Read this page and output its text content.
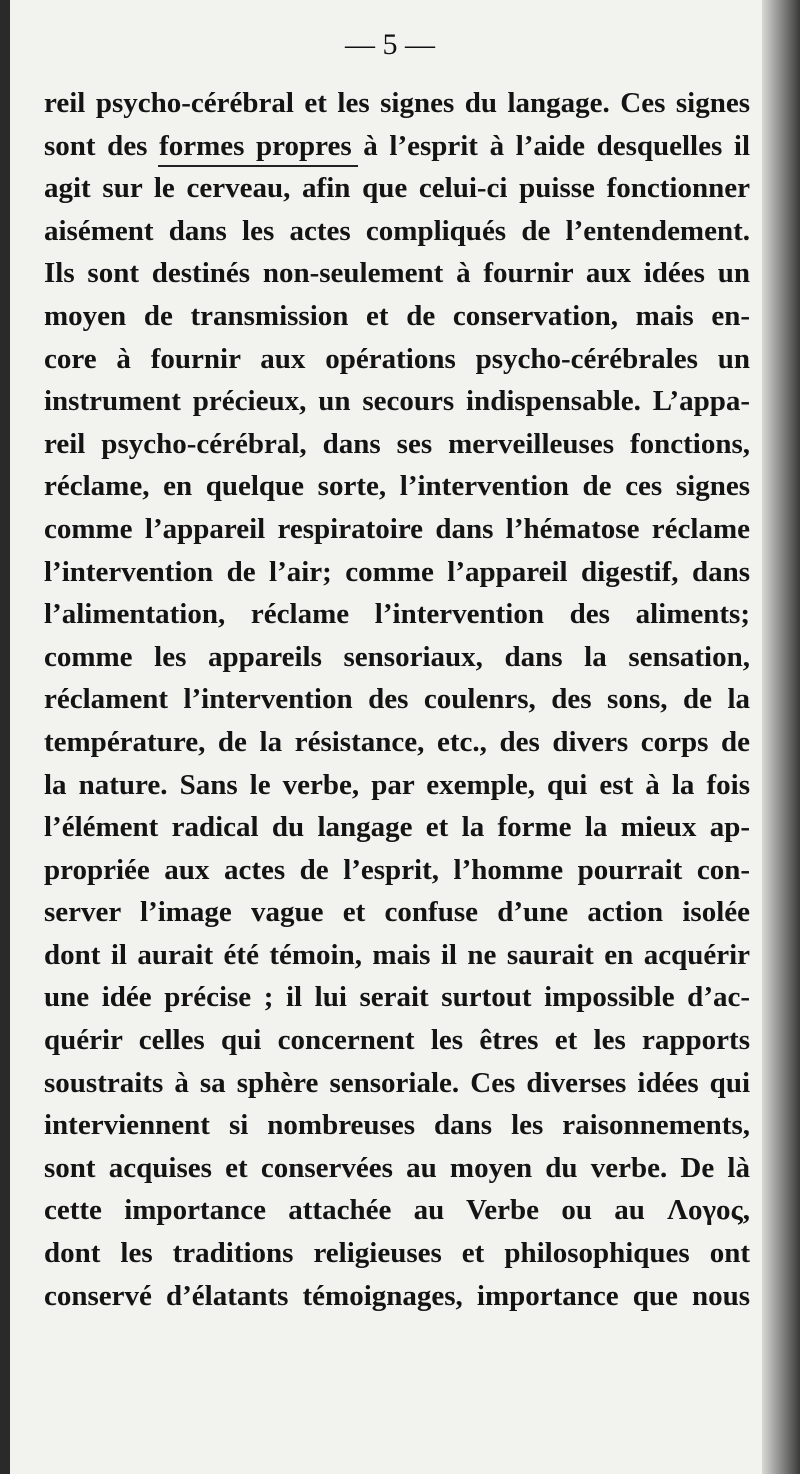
— 5 —
reil psycho-cérébral et les signes du langage. Ces signes
sont des formes propres à l’esprit à l’aide desquelles il
agit sur le cerveau, afin que celui-ci puisse fonctionner
aisément dans les actes compliqués de l’entendement.
Ils sont destinés non-seulement à fournir aux idées un
moyen de transmission et de conservation, mais en-
core à fournir aux opérations psycho-cérébrales un
instrument précieux, un secours indispensable. L’appa-
reil psycho-cérébral, dans ses merveilleuses fonctions,
réclame, en quelque sorte, l’intervention de ces signes
comme l’appareil respiratoire dans l’hématose réclame
l’intervention de l’air; comme l’appareil digestif, dans
l’alimentation, réclame l’intervention des aliments;
comme les appareils sensoriaux, dans la sensation,
réclament l’intervention des coulenrs, des sons, de la
température, de la résistance, etc., des divers corps de
la nature. Sans le verbe, par exemple, qui est à la fois
l’élément radical du langage et la forme la mieux ap-
propriée aux actes de l’esprit, l’homme pourrait con-
server l’image vague et confuse d’une action isolée
dont il aurait été témoin, mais il ne saurait en acquérir
une idée précise ; il lui serait surtout impossible d’ac-
quérir celles qui concernent les êtres et les rapports
soustraits à sa sphère sensoriale. Ces diverses idées qui
interviennent si nombreuses dans les raisonnements,
sont acquises et conservées au moyen du verbe. De là
cette importance attachée au Verbe ou au Λογος,
dont les traditions religieuses et philosophiques ont
conservé d’élatants témoignages, importance que nous
